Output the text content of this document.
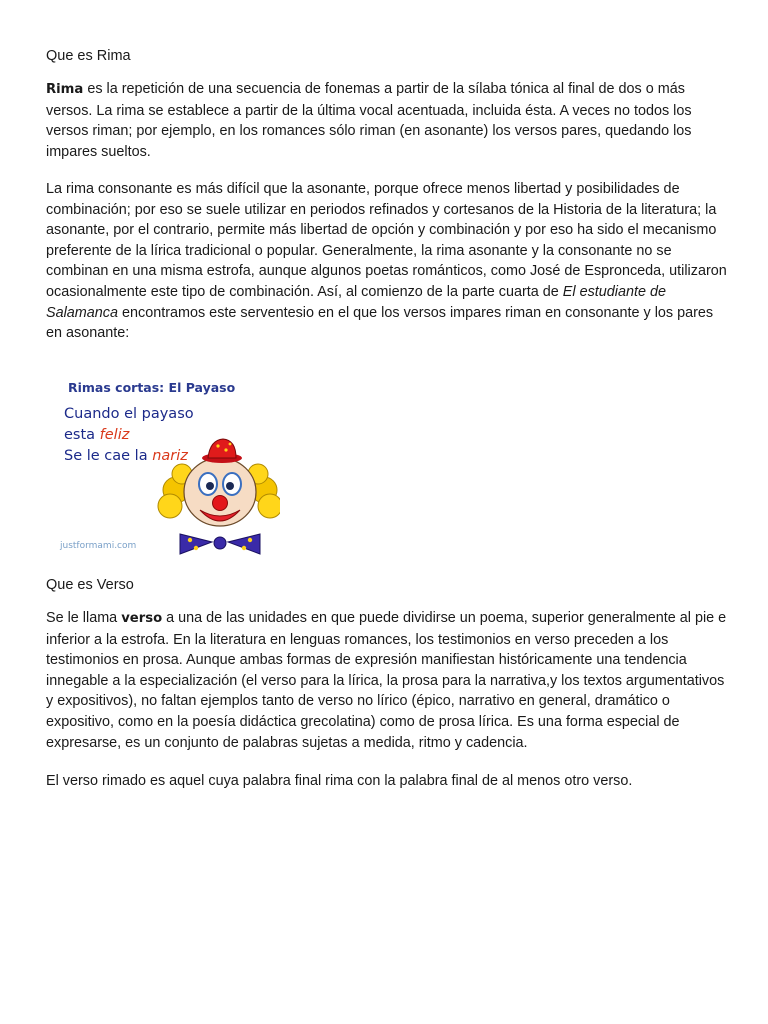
Que es Rima

Rima es la repetición de una secuencia de fonemas a partir de la sílaba tónica al final de dos o más versos. La rima se establece a partir de la última vocal acentuada, incluida ésta. A veces no todos los versos riman; por ejemplo, en los romances sólo riman (en asonante) los versos pares, quedando los impares sueltos.

La rima consonante es más difícil que la asonante, porque ofrece menos libertad y posibilidades de combinación; por eso se suele utilizar en periodos refinados y cortesanos de la Historia de la literatura; la asonante, por el contrario, permite más libertad de opción y combinación y por eso ha sido el mecanismo preferente de la lírica tradicional o popular. Generalmente, la rima asonante y la consonante no se combinan en una misma estrofa, aunque algunos poetas románticos, como José de Espronceda, utilizaron ocasionalmente este tipo de combinación. Así, al comienzo de la parte cuarta de El estudiante de Salamanca encontramos este serventesio en el que los versos impares riman en consonante y los pares en asonante:

Que es Verso

Se le llama verso a una de las unidades en que puede dividirse un poema, superior generalmente al pie e inferior a la estrofa. En la literatura en lenguas romances, los testimonios en verso preceden a los testimonios en prosa. Aunque ambas formas de expresión manifiestan históricamente una tendencia innegable a la especialización (el verso para la lírica, la prosa para la narrativa,y los textos argumentativos y expositivos), no faltan ejemplos tanto de verso no lírico (épico, narrativo en general, dramático o expositivo, como en la poesía didáctica grecolatina) como de prosa lírica. Es una forma especial de expresarse, es un conjunto de palabras sujetas a medida, ritmo y cadencia.

El verso rimado es aquel cuya palabra final rima con la palabra final de al menos otro verso.

Rimas cortas: El Payaso
Cuando el payaso
esta feliz
Se le cae la nariz
justformami.com
